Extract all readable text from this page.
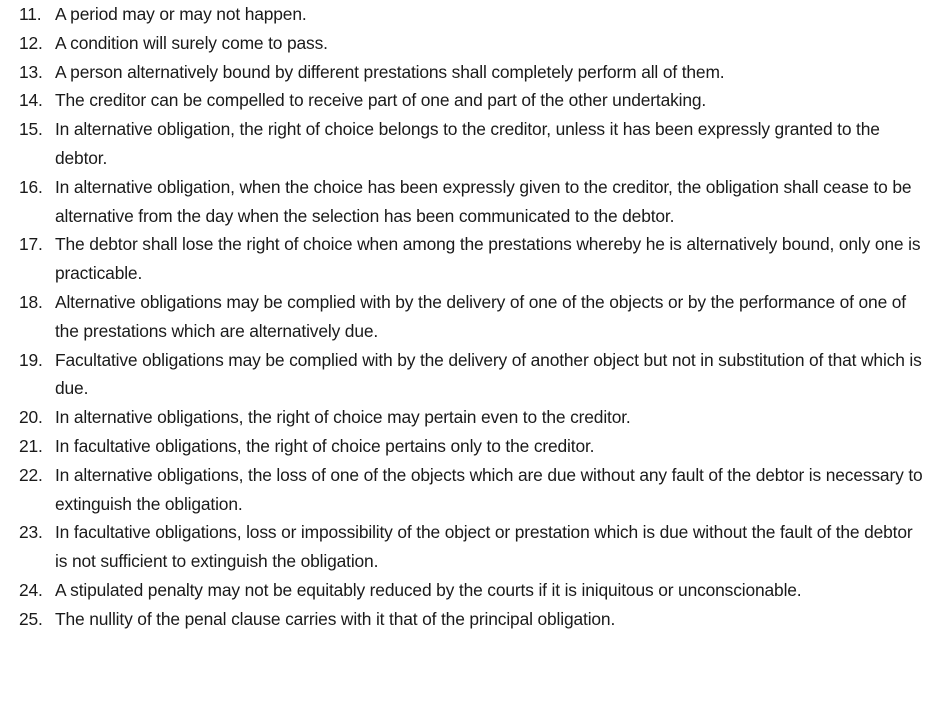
11. A period may or may not happen.
12. A condition will surely come to pass.
13. A person alternatively bound by different prestations shall completely perform all of them.
14. The creditor can be compelled to receive part of one and part of the other undertaking.
15. In alternative obligation, the right of choice belongs to the creditor, unless it has been expressly granted to the debtor.
16. In alternative obligation, when the choice has been expressly given to the creditor, the obligation shall cease to be alternative from the day when the selection has been communicated to the debtor.
17. The debtor shall lose the right of choice when among the prestations whereby he is alternatively bound, only one is practicable.
18. Alternative obligations may be complied with by the delivery of one of the objects or by the performance of one of the prestations which are alternatively due.
19. Facultative obligations may be complied with by the delivery of another object but not in substitution of that which is due.
20. In alternative obligations, the right of choice may pertain even to the creditor.
21. In facultative obligations, the right of choice pertains only to the creditor.
22. In alternative obligations, the loss of one of the objects which are due without any fault of the debtor is necessary to extinguish the obligation.
23. In facultative obligations, loss or impossibility of the object or prestation which is due without the fault of the debtor is not sufficient to extinguish the obligation.
24. A stipulated penalty may not be equitably reduced by the courts if it is iniquitous or unconscionable.
25. The nullity of the penal clause carries with it that of the principal obligation.
